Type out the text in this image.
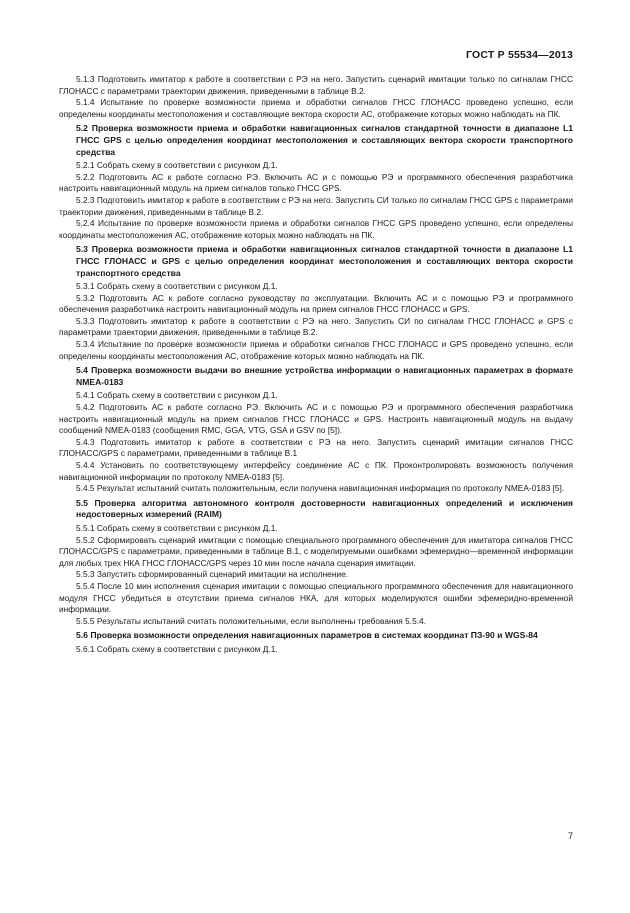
ГОСТ Р 55534—2013

5.1.3 Подготовить имитатор к работе в соответствии с РЭ на него. Запустить сценарий имитации только по сигналам ГНСС ГЛОНАСС с параметрами траектории движения, приведенными в таблице В.2.

5.1.4 Испытание по проверке возможности приема и обработки сигналов ГНСС ГЛОНАСС проведено успешно, если определены координаты местоположения и составляющие вектора скорости АС, отображение которых можно наблюдать на ПК.

5.2 Проверка возможности приема и обработки навигационных сигналов стандартной точности в диапазоне L1 ГНСС GPS с целью определения координат местоположения и составляющих вектора скорости транспортного средства

5.2.1 Собрать схему в соответствии с рисунком Д.1.

5.2.2 Подготовить АС к работе согласно РЭ. Включить АС и с помощью РЭ и программного обеспечения разработчика настроить навигационный модуль на прием сигналов только ГНСС GPS.

5.2.3 Подготовить имитатор к работе в соответствии с РЭ на него. Запустить СИ только по сигналам ГНСС GPS с параметрами траектории движения, приведенными в таблице В.2.

5.2.4 Испытание по проверке возможности приема и обработки сигналов ГНСС GPS проведено успешно, если определены координаты местоположения АС, отображение которых можно наблюдать на ПК.

5.3 Проверка возможности приема и обработки навигационных сигналов стандартной точности в диапазоне L1 ГНСС ГЛОНАСС и GPS с целью определения координат местоположения и составляющих вектора скорости транспортного средства

5.3.1 Собрать схему в соответствии с рисунком Д.1.

5.3.2 Подготовить АС к работе согласно руководству по эксплуатации. Включить АС и с помощью РЭ и программного обеспечения разработчика настроить навигационный модуль на прием сигналов ГНСС ГЛОНАСС и GPS.

5.3.3 Подготовить имитатор к работе в соответствии с РЭ на него. Запустить СИ по сигналам ГНСС ГЛОНАСС и GPS с параметрами траектории движения, приведенными в таблице В.2.

5.3.4 Испытание по проверке возможности приема и обработки сигналов ГНСС ГЛОНАСС и GPS проведено успешно, если определены координаты местоположения АС, отображение которых можно наблюдать на ПК.

5.4 Проверка возможности выдачи во внешние устройства информации о навигационных параметрах в формате NMEA-0183

5.4.1 Собрать схему в соответствии с рисунком Д.1.

5.4.2 Подготовить АС к работе согласно РЭ. Включить АС и с помощью РЭ и программного обеспечения разработчика настроить навигационный модуль на прием сигналов ГНСС ГЛОНАСС и GPS. Настроить навигационный модуль на выдачу сообщений NMEA-0183 (сообщения RMC, GGA, VTG, GSA и GSV по [5]).

5.4.3 Подготовить имитатор к работе в соответствии с РЭ на него. Запустить сценарий имитации сигналов ГНСС ГЛОНАСС/GPS с параметрами, приведенными в таблице В.1

5.4.4 Установить по соответствующему интерфейсу соединение АС с ПК. Проконтролировать возможность получения навигационной информации по протоколу NMEA-0183 [5].

5.4.5 Результат испытаний считать положительным, если получена навигационная информация по протоколу NMEA-0183 [5].

5.5 Проверка алгоритма автономного контроля достоверности навигационных определений и исключения недостоверных измерений (RAIM)

5.5.1 Собрать схему в соответствии с рисунком Д.1.

5.5.2 Сформировать сценарий имитации с помощью специального программного обеспечения для имитатора сигналов ГНСС ГЛОНАСС/GPS с параметрами, приведенными в таблице В.1, с моделируемыми ошибками эфемеридно—временной информации для любых трех НКА ГНСС ГЛОНАСС/GPS через 10 мин после начала сценария имитации.

5.5.3 Запустить сформированный сценарий имитации на исполнение.

5.5.4 После 10 мин исполнения сценария имитации с помощью специального программного обеспечения для навигационного модуля ГНСС убедиться в отсутствии приема сигналов НКА, для которых моделируются ошибки эфемеридно-временной информации.

5.5.5 Результаты испытаний считать положительными, если выполнены требования 5.5.4.

5.6 Проверка возможности определения навигационных параметров в системах координат ПЗ-90 и WGS-84

5.6.1 Собрать схему в соответствии с рисунком Д.1.

7
